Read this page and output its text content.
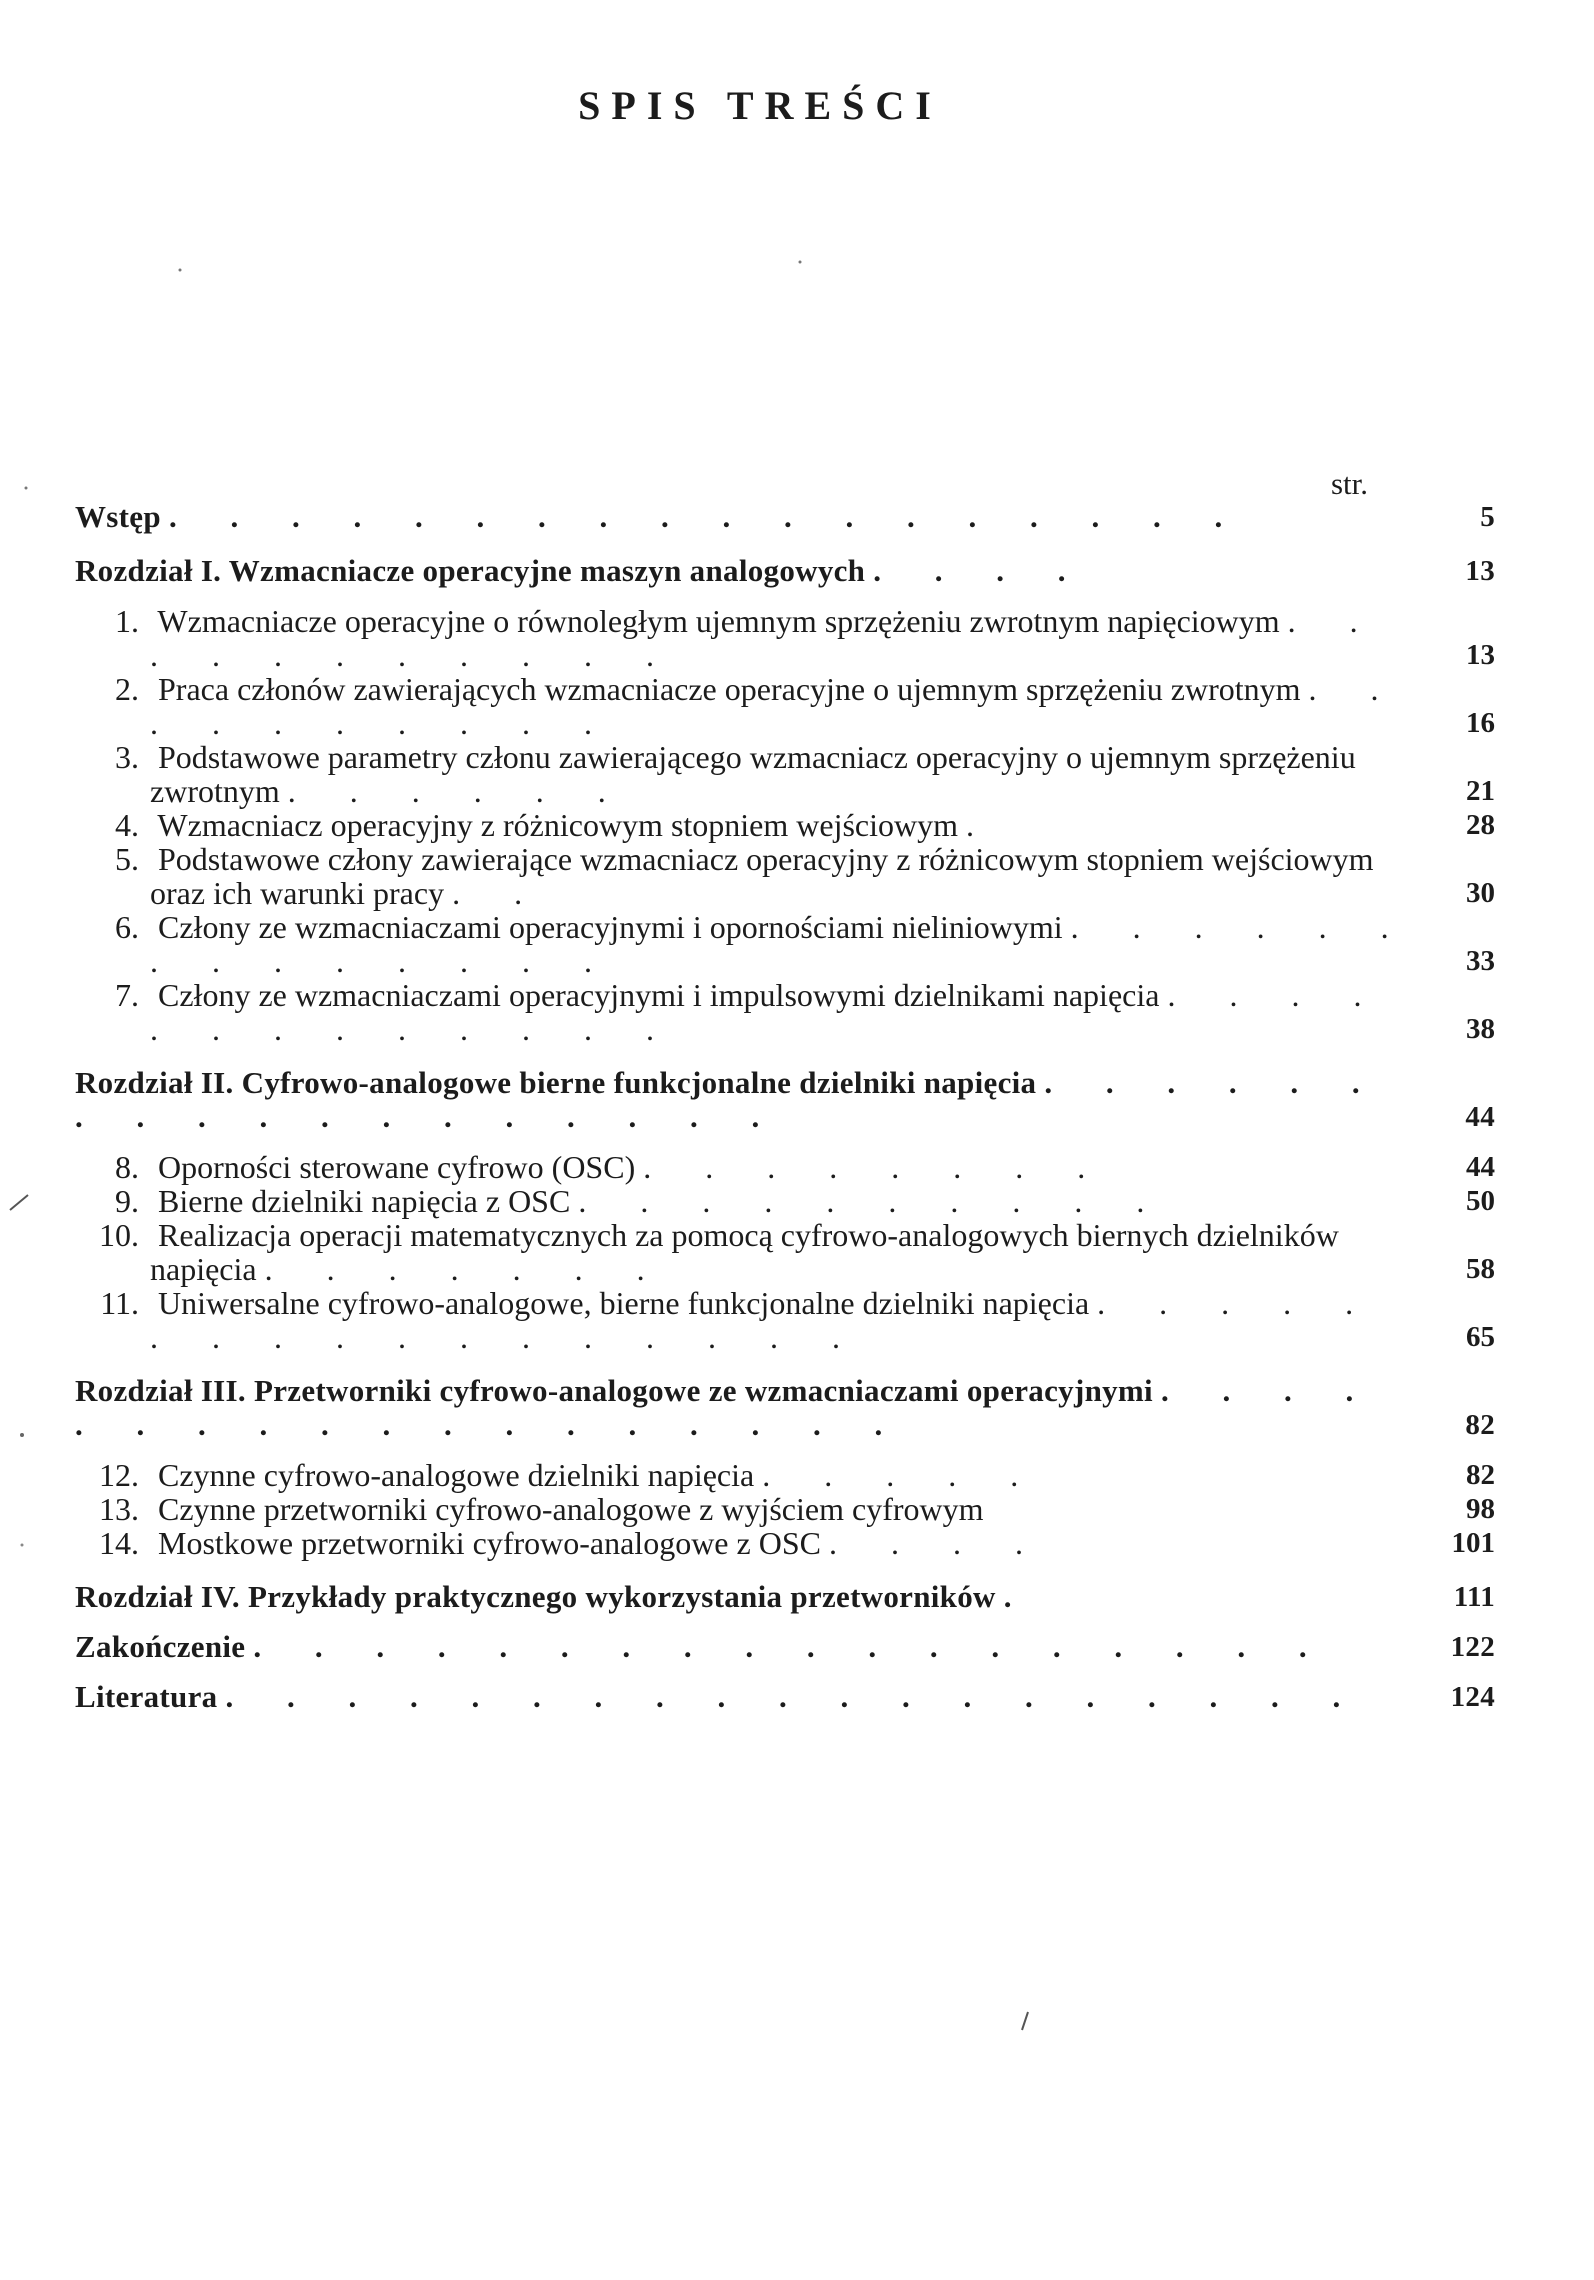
SPIS TREŚCI
str.
Wstęp . . . . . . . . . . . . . . . . . .	5
Rozdział I. Wzmacniacze operacyjne maszyn analogowych . . . .	13
1. Wzmacniacze operacyjne o równoległym ujemnym sprzężeniu zwrotnym napięciowym . . . . . . . . . . .	13
2. Praca członów zawierających wzmacniacze operacyjne o ujemnym sprzężeniu zwrotnym . . . . . . . . . .	16
3. Podstawowe parametry członu zawierającego wzmacniacz operacyjny o ujemnym sprzężeniu zwrotnym . . . . . .	21
4. Wzmacniacz operacyjny z różnicowym stopniem wejściowym .	28
5. Podstawowe człony zawierające wzmacniacz operacyjny z różnicowym stopniem wejściowym oraz ich warunki pracy . .	30
6. Człony ze wzmacniaczami operacyjnymi i opornościami nieliniowymi . . . . . . . . . . . . . .	33
7. Człony ze wzmacniaczami operacyjnymi i impulsowymi dzielnikami napięcia . . . . . . . . . . . . .	38
Rozdział II. Cyfrowo-analogowe bierne funkcjonalne dzielniki napięcia . . . . . . . . . . . . . . . . . .	44
8. Oporności sterowane cyfrowo (OSC) . . . . . . . .	44
9. Bierne dzielniki napięcia z OSC . . . . . . . . . .	50
10. Realizacja operacji matematycznych za pomocą cyfrowo-analogowych biernych dzielników napięcia . . . . . . .	58
11. Uniwersalne cyfrowo-analogowe, bierne funkcjonalne dzielniki napięcia . . . . . . . . . . . . . . . . .	65
Rozdział III. Przetworniki cyfrowo-analogowe ze wzmacniaczami operacyjnymi . . . . . . . . . . . . . . . . . .	82
12. Czynne cyfrowo-analogowe dzielniki napięcia . . . . .	82
13. Czynne przetworniki cyfrowo-analogowe z wyjściem cyfrowym	98
14. Mostkowe przetworniki cyfrowo-analogowe z OSC . . . .	101
Rozdział IV. Przykłady praktycznego wykorzystania przetworników .	111
Zakończenie . . . . . . . . . . . . . . . . . .	122
Literatura . . . . . . . . . . . . . . . . . . .	124
